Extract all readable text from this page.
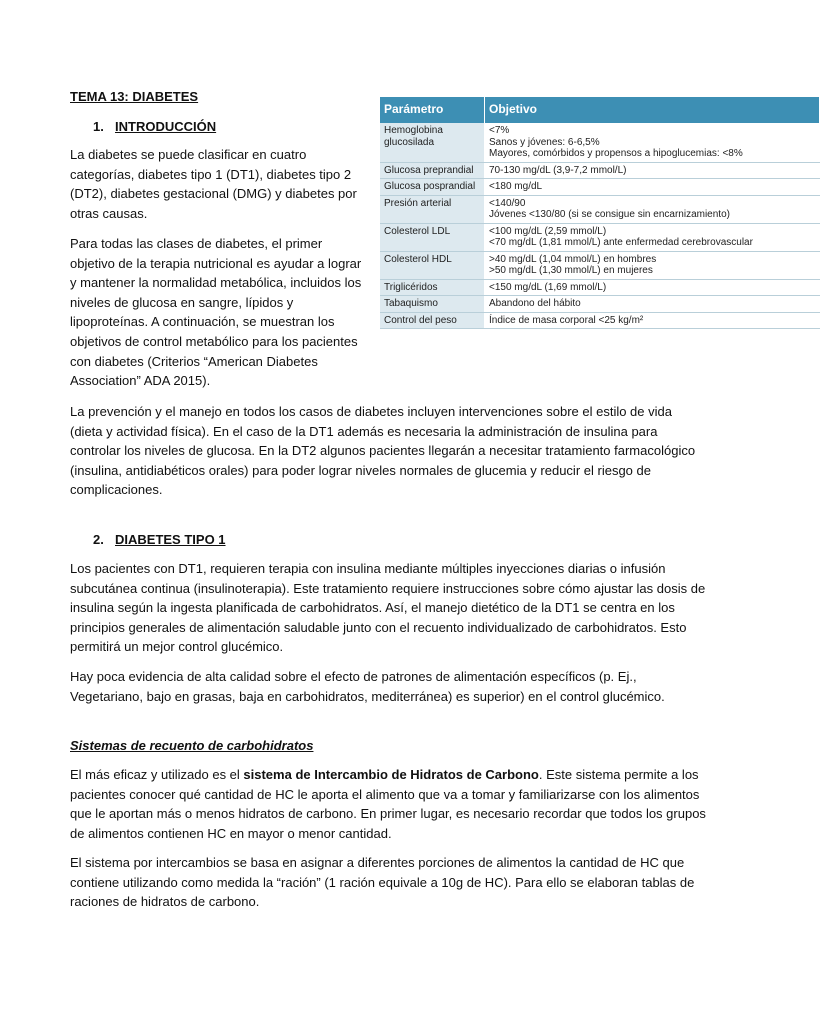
TEMA 13: DIABETES
1. INTRODUCCIÓN

La diabetes se puede clasificar en cuatro categorías, diabetes tipo 1 (DT1), diabetes tipo 2 (DT2), diabetes gestacional (DMG) y diabetes por otras causas.

Para todas las clases de diabetes, el primer objetivo de la terapia nutricional es ayudar a lograr y mantener la normalidad metabólica, incluidos los niveles de glucosa en sangre, lípidos y lipoproteínas. A continuación, se muestran los objetivos de control metabólico para los pacientes con diabetes (Criterios “American Diabetes Association” ADA 2015).

Parámetro	Objetivo

Hemoglobina
glucosilada	<7%
Sanos y jóvenes: 6-6,5%
Mayores, comórbidos y propensos a hipoglucemias: <8%

Glucosa preprandial	70-130 mg/dL (3,9-7,2 mmol/L)

Glucosa posprandial	<180 mg/dL

Presión arterial	<140/90
Jóvenes <130/80 (si se consigue sin encarnizamiento)

Colesterol LDL	<100 mg/dL (2,59 mmol/L)
<70 mg/dL (1,81 mmol/L) ante enfermedad cerebrovascular

Colesterol HDL	>40 mg/dL (1,04 mmol/L) en hombres
>50 mg/dL (1,30 mmol/L) en mujeres

Triglicéridos	<150 mg/dL (1,69 mmol/L)

Tabaquismo	Abandono del hábito

Control del peso	Índice de masa corporal <25 kg/m²

La prevención y el manejo en todos los casos de diabetes incluyen intervenciones sobre el estilo de vida (dieta y actividad física). En el caso de la DT1 además es necesaria la administración de insulina para controlar los niveles de glucosa. En la DT2 algunos pacientes llegarán a necesitar tratamiento farmacológico (insulina, antidiabéticos orales) para poder lograr niveles normales de glucemia y reducir el riesgo de complicaciones.

2. DIABETES TIPO 1

Los pacientes con DT1, requieren terapia con insulina mediante múltiples inyecciones diarias o infusión subcutánea continua (insulinoterapia). Este tratamiento requiere instrucciones sobre cómo ajustar las dosis de insulina según la ingesta planificada de carbohidratos. Así, el manejo dietético de la DT1 se centra en los principios generales de alimentación saludable junto con el recuento individualizado de carbohidratos. Esto permitirá un mejor control glucémico.

Hay poca evidencia de alta calidad sobre el efecto de patrones de alimentación específicos (p. Ej., Vegetariano, bajo en grasas, baja en carbohidratos, mediterránea) es superior) en el control glucémico.

Sistemas de recuento de carbohidratos

El más eficaz y utilizado es el sistema de Intercambio de Hidratos de Carbono. Este sistema permite a los pacientes conocer qué cantidad de HC le aporta el alimento que va a tomar y familiarizarse con los alimentos que le aportan más o menos hidratos de carbono. En primer lugar, es necesario recordar que todos los grupos de alimentos contienen HC en mayor o menor cantidad.

El sistema por intercambios se basa en asignar a diferentes porciones de alimentos la cantidad de HC que contiene utilizando como medida la “ración” (1 ración equivale a 10g de HC). Para ello se elaboran tablas de raciones de hidratos de carbono.
